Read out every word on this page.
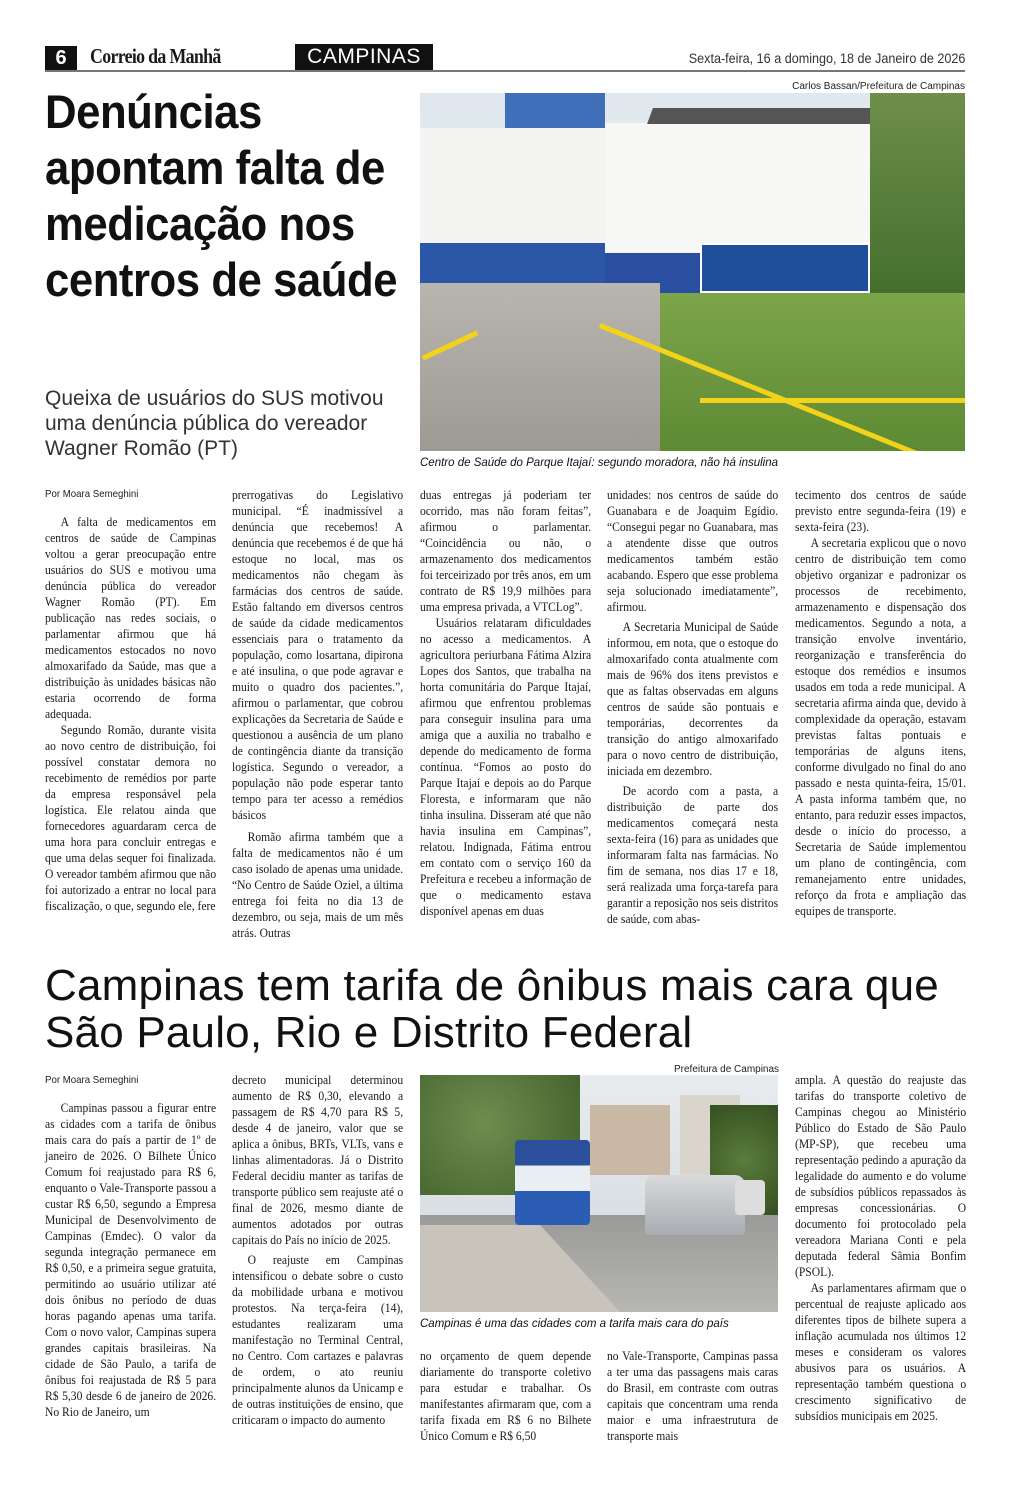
6	Correio da Manhã	CAMPINAS	Sexta-feira, 16 a domingo, 18 de Janeiro de 2026
Denúncias apontam falta de medicação nos centros de saúde
Queixa de usuários do SUS motivou uma denúncia pública do vereador Wagner Romão (PT)
Carlos Bassan/Prefeitura de Campinas
Centro de Saúde do Parque Itajaí: segundo moradora, não há insulina
Por Moara Semeghini

A falta de medicamentos em centros de saúde de Campinas voltou a gerar preocupação entre usuários do SUS e motivou uma denúncia pública do vereador Wagner Romão (PT). Em publicação nas redes sociais, o parlamentar afirmou que há medicamentos estocados no novo almoxarifado da Saúde, mas que a distribuição às unidades básicas não estaria ocorrendo de forma adequada.

Segundo Romão, durante visita ao novo centro de distribuição, foi possível constatar demora no recebimento de remédios por parte da empresa responsável pela logística. Ele relatou ainda que fornecedores aguardaram cerca de uma hora para concluir entregas e que uma delas sequer foi finalizada. O vereador também afirmou que não foi autorizado a entrar no local para fiscalização, o que, segundo ele, fere

prerrogativas do Legislativo municipal. “É inadmissível a denúncia que recebemos! A denúncia que recebemos é de que há estoque no local, mas os medicamentos não chegam às farmácias dos centros de saúde. Estão faltando em diversos centros de saúde da cidade medicamentos essenciais para o tratamento da população, como losartana, dipirona e até insulina, o que pode agravar e muito o quadro dos pacientes.”, afirmou o parlamentar, que cobrou explicações da Secretaria de Saúde e questionou a ausência de um plano de contingência diante da transição logística. Segundo o vereador, a população não pode esperar tanto tempo para ter acesso a remédios básicos

Romão afirma também que a falta de medicamentos não é um caso isolado de apenas uma unidade. “No Centro de Saúde Oziel, a última entrega foi feita no dia 13 de dezembro, ou seja, mais de um mês atrás. Outras

duas entregas já poderiam ter ocorrido, mas não foram feitas”, afirmou o parlamentar. “Coincidência ou não, o armazenamento dos medicamentos foi terceirizado por três anos, em um contrato de R$ 19,9 milhões para uma empresa privada, a VTCLog”.

Usuários relataram dificuldades no acesso a medicamentos. A agricultora periurbana Fátima Alzira Lopes dos Santos, que trabalha na horta comunitária do Parque Itajaí, afirmou que enfrentou problemas para conseguir insulina para uma amiga que a auxilia no trabalho e depende do medicamento de forma contínua. “Fomos ao posto do Parque Itajaí e depois ao do Parque Floresta, e informaram que não tinha insulina. Disseram até que não havia insulina em Campinas”, relatou. Indignada, Fátima entrou em contato com o serviço 160 da Prefeitura e recebeu a informação de que o medicamento estava disponível apenas em duas

unidades: nos centros de saúde do Guanabara e de Joaquim Egídio. “Consegui pegar no Guanabara, mas a atendente disse que outros medicamentos também estão acabando. Espero que esse problema seja solucionado imediatamente”, afirmou.

A Secretaria Municipal de Saúde informou, em nota, que o estoque do almoxarifado conta atualmente com mais de 96% dos itens previstos e que as faltas observadas em alguns centros de saúde são pontuais e temporárias, decorrentes da transição do antigo almoxarifado para o novo centro de distribuição, iniciada em dezembro.

De acordo com a pasta, a distribuição de parte dos medicamentos começará nesta sexta-feira (16) para as unidades que informaram falta nas farmácias. No fim de semana, nos dias 17 e 18, será realizada uma força-tarefa para garantir a reposição nos seis distritos de saúde, com abas-

tecimento dos centros de saúde previsto entre segunda-feira (19) e sexta-feira (23).

A secretaria explicou que o novo centro de distribuição tem como objetivo organizar e padronizar os processos de recebimento, armazenamento e dispensação dos medicamentos. Segundo a nota, a transição envolve inventário, reorganização e transferência do estoque dos remédios e insumos usados em toda a rede municipal. A secretaria afirma ainda que, devido à complexidade da operação, estavam previstas faltas pontuais e temporárias de alguns itens, conforme divulgado no final do ano passado e nesta quinta-feira, 15/01. A pasta informa também que, no entanto, para reduzir esses impactos, desde o início do processo, a Secretaria de Saúde implementou um plano de contingência, com remanejamento entre unidades, reforço da frota e ampliação das equipes de transporte.

Campinas tem tarifa de ônibus mais cara que São Paulo, Rio e Distrito Federal
Prefeitura de Campinas
Campinas é uma das cidades com a tarifa mais cara do país
Por Moara Semeghini

Campinas passou a figurar entre as cidades com a tarifa de ônibus mais cara do país a partir de 1º de janeiro de 2026. O Bilhete Único Comum foi reajustado para R$ 6, enquanto o Vale-Transporte passou a custar R$ 6,50, segundo a Empresa Municipal de Desenvolvimento de Campinas (Emdec). O valor da segunda integração permanece em R$ 0,50, e a primeira segue gratuita, permitindo ao usuário utilizar até dois ônibus no período de duas horas pagando apenas uma tarifa. Com o novo valor, Campinas supera grandes capitais brasileiras. Na cidade de São Paulo, a tarifa de ônibus foi reajustada de R$ 5 para R$ 5,30 desde 6 de janeiro de 2026. No Rio de Janeiro, um

decreto municipal determinou aumento de R$ 0,30, elevando a passagem de R$ 4,70 para R$ 5, desde 4 de janeiro, valor que se aplica a ônibus, BRTs, VLTs, vans e linhas alimentadoras. Já o Distrito Federal decidiu manter as tarifas de transporte público sem reajuste até o final de 2026, mesmo diante de aumentos adotados por outras capitais do País no início de 2025.

O reajuste em Campinas intensificou o debate sobre o custo da mobilidade urbana e motivou protestos. Na terça-feira (14), estudantes realizaram uma manifestação no Terminal Central, no Centro. Com cartazes e palavras de ordem, o ato reuniu principalmente alunos da Unicamp e de outras instituições de ensino, que criticaram o impacto do aumento

no orçamento de quem depende diariamente do transporte coletivo para estudar e trabalhar. Os manifestantes afirmaram que, com a tarifa fixada em R$ 6 no Bilhete Único Comum e R$ 6,50

no Vale-Transporte, Campinas passa a ter uma das passagens mais caras do Brasil, em contraste com outras capitais que concentram uma renda maior e uma infraestrutura de transporte mais

ampla. A questão do reajuste das tarifas do transporte coletivo de Campinas chegou ao Ministério Público do Estado de São Paulo (MP-SP), que recebeu uma representação pedindo a apuração da legalidade do aumento e do volume de subsídios públicos repassados às empresas concessionárias. O documento foi protocolado pela vereadora Mariana Conti e pela deputada federal Sâmia Bonfim (PSOL).

As parlamentares afirmam que o percentual de reajuste aplicado aos diferentes tipos de bilhete supera a inflação acumulada nos últimos 12 meses e consideram os valores abusivos para os usuários. A representação também questiona o crescimento significativo de subsídios municipais em 2025.
